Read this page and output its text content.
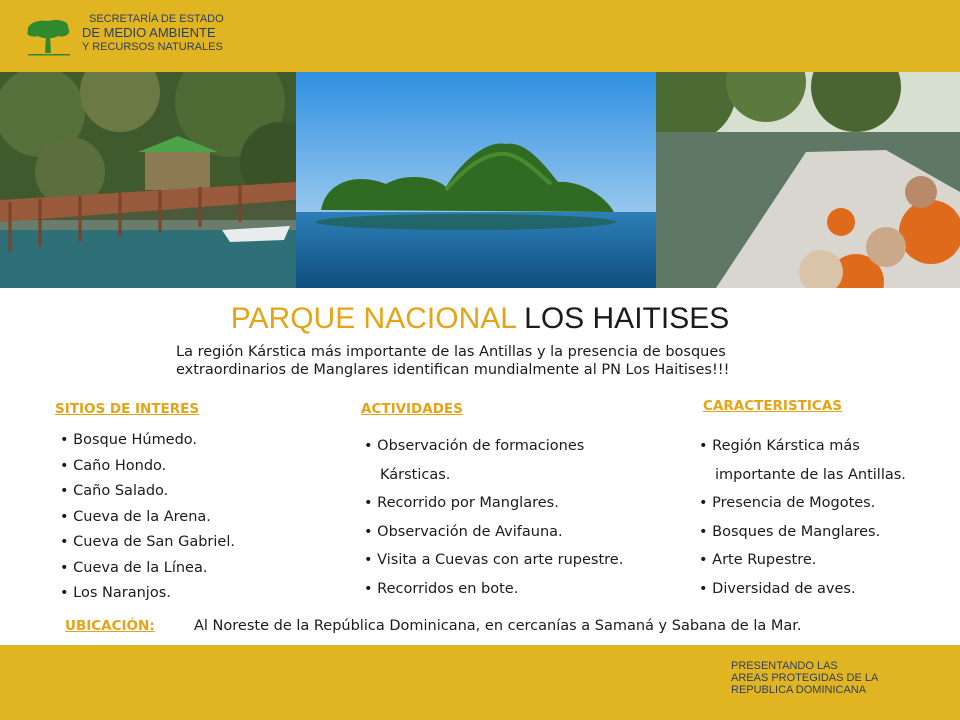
SECRETARÍA DE ESTADO
DE MEDIO AMBIENTE
Y RECURSOS NATURALES
PARQUE NACIONAL LOS HAITISES
La región Kárstica más importante de las Antillas y la presencia de bosques
extraordinarios de Manglares identifican mundialmente al PN Los Haitises!!!
SITIOS DE INTERES
• Bosque Húmedo.
• Caño Hondo.
• Caño Salado.
• Cueva de la Arena.
• Cueva de San Gabriel.
• Cueva de la Línea.
• Los Naranjos.
ACTIVIDADES
• Observación de formaciones
Kársticas.
• Recorrido por Manglares.
• Observación de Avifauna.
• Visita a Cuevas con arte rupestre.
• Recorridos en bote.
CARACTERISTICAS
• Región Kárstica más
importante de las Antillas.
• Presencia de Mogotes.
• Bosques de Manglares.
• Arte Rupestre.
• Diversidad de aves.
UBICACIÓN:	Al Noreste de la República Dominicana, en cercanías a Samaná y Sabana de la Mar.
PRESENTANDO LAS
AREAS PROTEGIDAS DE LA
REPUBLICA DOMINICANA
